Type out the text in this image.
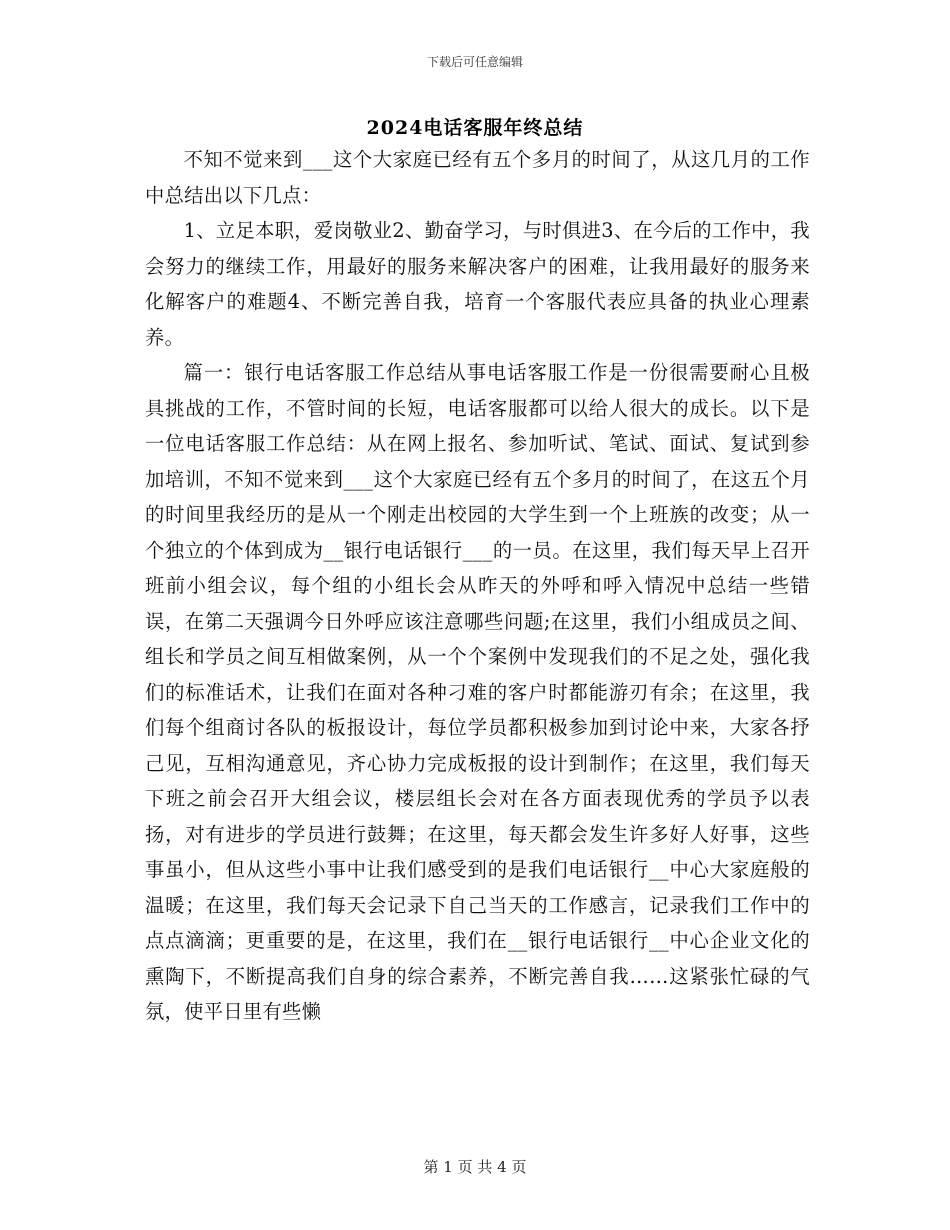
下载后可任意编辑
2024电话客服年终总结

不知不觉来到___这个大家庭已经有五个多月的时间了，从这几月的工作中总结出以下几点：

1、立足本职，爱岗敬业2、勤奋学习，与时俱进3、在今后的工作中，我会努力的继续工作，用最好的服务来解决客户的困难，让我用最好的服务来化解客户的难题4、不断完善自我，培育一个客服代表应具备的执业心理素养。

篇一：银行电话客服工作总结从事电话客服工作是一份很需要耐心且极具挑战的工作，不管时间的长短，电话客服都可以给人很大的成长。以下是一位电话客服工作总结：从在网上报名、参加听试、笔试、面试、复试到参加培训，不知不觉来到___这个大家庭已经有五个多月的时间了，在这五个月的时间里我经历的是从一个刚走出校园的大学生到一个上班族的改变；从一个独立的个体到成为__银行电话银行___的一员。在这里，我们每天早上召开班前小组会议，每个组的小组长会从昨天的外呼和呼入情况中总结一些错误，在第二天强调今日外呼应该注意哪些问题;在这里，我们小组成员之间、组长和学员之间互相做案例，从一个个案例中发现我们的不足之处，强化我们的标准话术，让我们在面对各种刁难的客户时都能游刃有余；在这里，我们每个组商讨各队的板报设计，每位学员都积极参加到讨论中来，大家各抒己见，互相沟通意见，齐心协力完成板报的设计到制作；在这里，我们每天下班之前会召开大组会议，楼层组长会对在各方面表现优秀的学员予以表扬，对有进步的学员进行鼓舞；在这里，每天都会发生许多好人好事，这些事虽小，但从这些小事中让我们感受到的是我们电话银行__中心大家庭般的温暖；在这里，我们每天会记录下自己当天的工作感言，记录我们工作中的点点滴滴；更重要的是，在这里，我们在__银行电话银行__中心企业文化的熏陶下，不断提高我们自身的综合素养，不断完善自我……这紧张忙碌的气氛，使平日里有些懒

第 1 页 共 4 页
